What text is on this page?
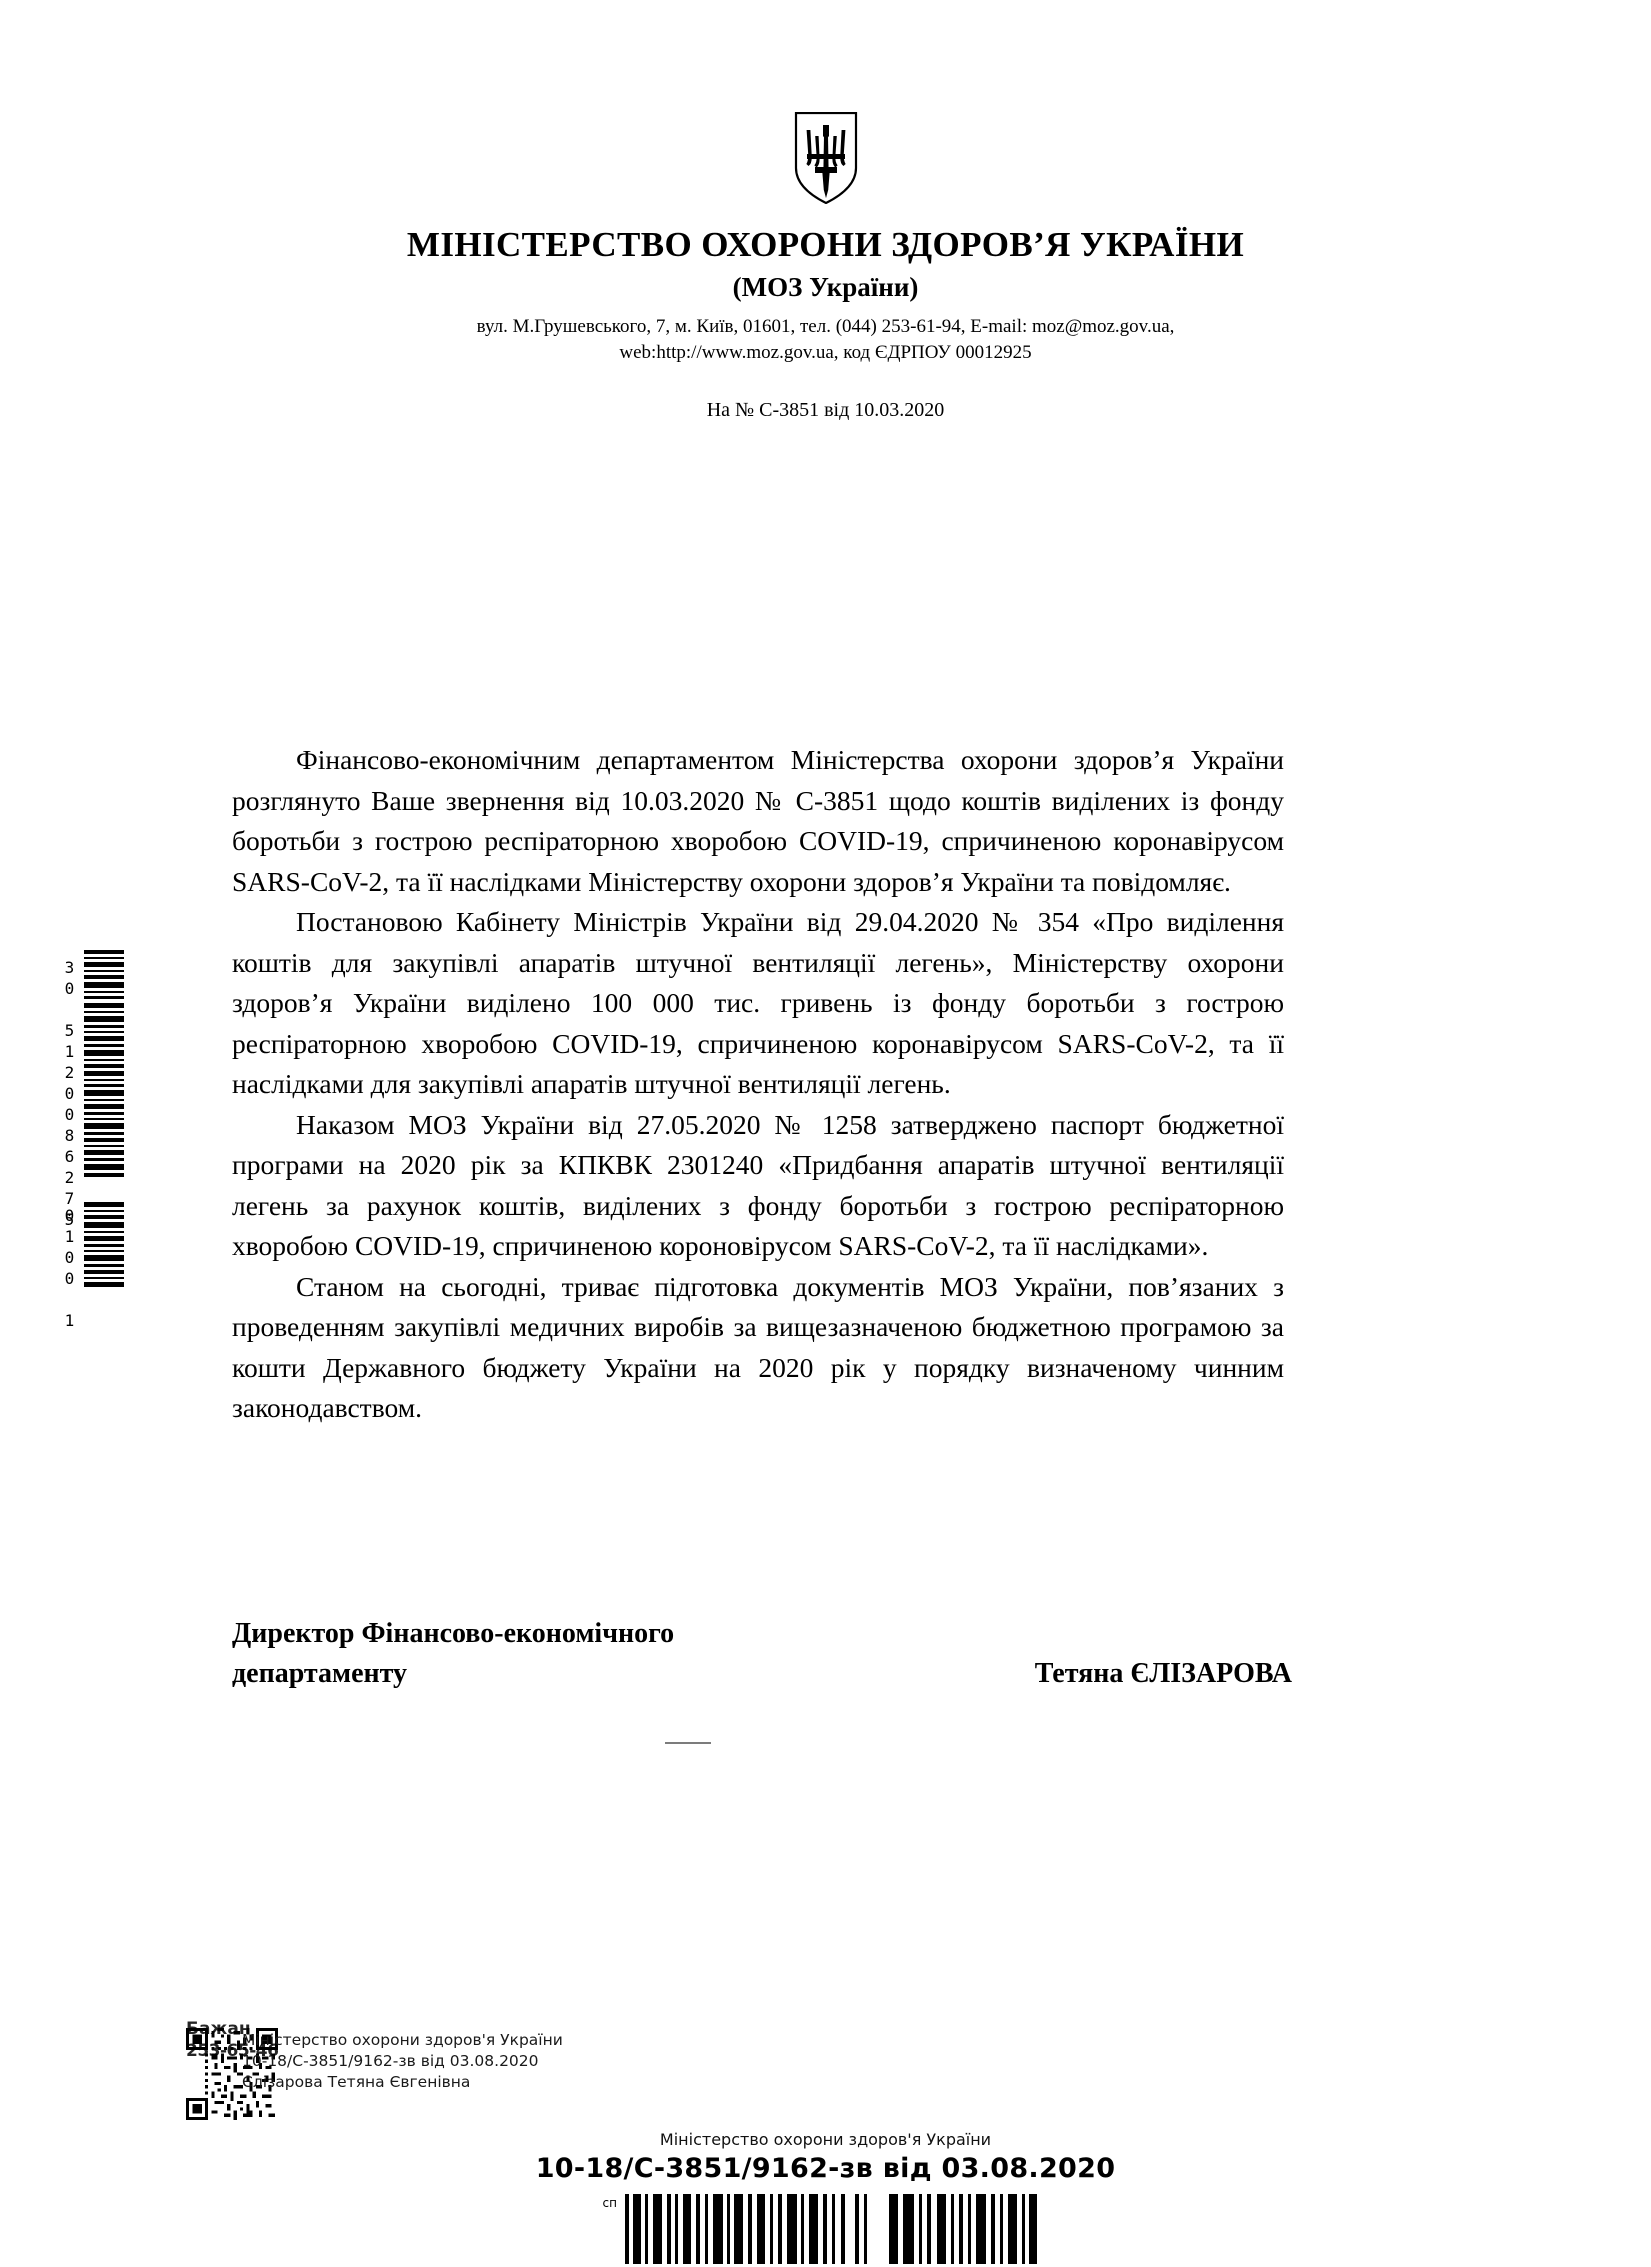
МІНІСТЕРСТВО ОХОРОНИ ЗДОРОВ’Я УКРАЇНИ
(МОЗ України)
вул. М.Грушевського, 7, м. Київ, 01601, тел. (044) 253-61-94, E-mail: moz@moz.gov.ua,
web:http://www.moz.gov.ua, код ЄДРПОУ 00012925
На № С-3851 від 10.03.2020
30 5120086275
0100 1

Фінансово-економічним департаментом Міністерства охорони здоров’я України розглянуто Ваше звернення від 10.03.2020 № С-3851 щодо коштів виділених із фонду боротьби з гострою респіраторною хворобою COVID-19, спричиненою коронавірусом SARS-CoV-2, та її наслідками Міністерству охорони здоров’я України та повідомляє.

Постановою Кабінету Міністрів України від 29.04.2020 № 354 «Про виділення коштів для закупівлі апаратів штучної вентиляції легень», Міністерству охорони здоров’я України виділено 100 000 тис. гривень із фонду боротьби з гострою респіраторною хворобою COVID-19, спричиненою коронавірусом SARS-CoV-2, та її наслідками для закупівлі апаратів штучної вентиляції легень.

Наказом МОЗ України від 27.05.2020 № 1258 затверджено паспорт бюджетної програми на 2020 рік за КПКВК 2301240 «Придбання апаратів штучної вентиляції легень за рахунок коштів, виділених з фонду боротьби з гострою респіраторною хворобою COVID-19, спричиненою короновірусом SARS-CoV-2, та її наслідками».

Станом на сьогодні, триває підготовка документів МОЗ України, пов’язаних з проведенням закупівлі медичних виробів за вищезазначеною бюджетною програмою за кошти Державного бюджету України на 2020 рік у порядку визначеному чинним законодавством.

Директор Фінансово-економічного
департаменту	Тетяна ЄЛІЗАРОВА
Міністерство охорони здоров'я України
10-18/С-3851/9162-зв від 03.08.2020
Єлізарова Тетяна Євгенівна
Бажан
253-65-46
Міністерство охорони здоров'я України
10-18/С-3851/9162-зв від 03.08.2020
сп
